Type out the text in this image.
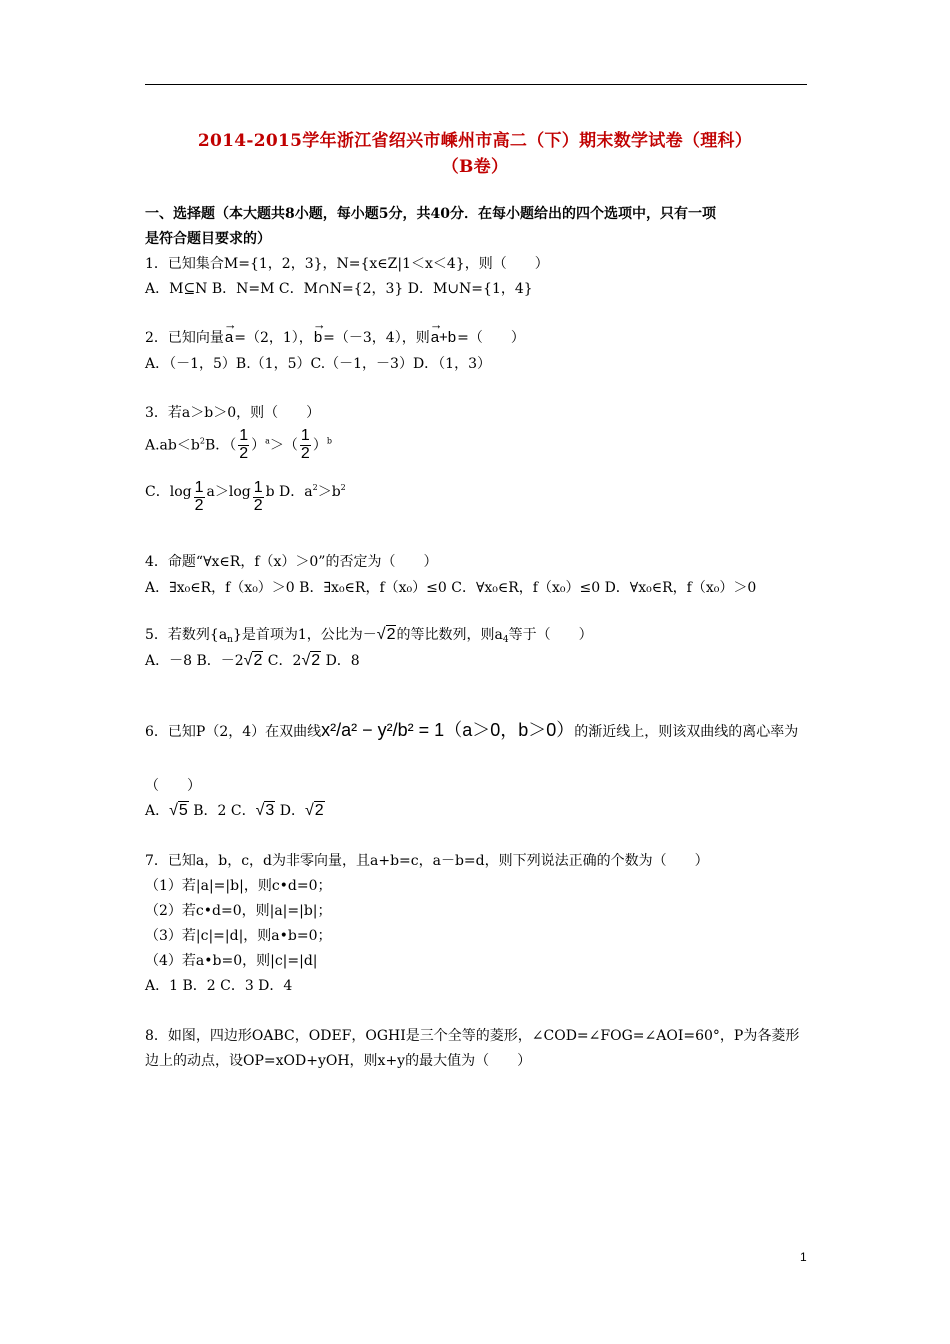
2014-2015学年浙江省绍兴市嵊州市高二（下）期末数学试卷（理科）
（B卷）
一、选择题（本大题共8小题，每小题5分，共40分．在每小题给出的四个选项中，只有一项
是符合题目要求的）
1．已知集合M={1，2，3}，N={x∈Z|1＜x＜4}，则（　　）
A．M⊆N B．N=M C．M∩N={2，3} D．M∪N={1，4}
2．已知向量→ a=（2，1），→ b=（－3，4），则→ a+b=（　　）
A．（－1，5）B.（1，5）C.（－1，－3）D．（1，3）
3．若a＞b＞0，则（　　）
$A.ab<b^2B$．（ $\frac{1}{2} )^a>( \frac{1}{2} )^b$
C．$\log \frac{1}{2} a>\log \frac{1}{2}$ b D．$a^2>b^2$
4．命题“∀x∈R，f（x）＞0”的否定为（　　）
A．∃x₀∈R，f（x₀）＞0 B．∃x₀∈R，f（x₀）≤0 C．∀x₀∈R，f（x₀）≤0 D．∀x₀∈R，f（x₀）＞0
5．若数列$\{a_n\}$是首项为1，公比为－√2的等比数列，则$a_4$等于（　　）
A．－8 B．－2√2 C．2√2 D．8
6．已知P（2，4）在双曲线x²/a² − y²/b² = 1（a＞0，b＞0）的渐近线上，则该双曲线的离心率为
（　　）
A．√5 B．2 C．√3 D．√2
7．已知a，b，c，d为非零向量，且a+b=c，a－b=d，则下列说法正确的个数为（　　）
（1）若|a|=|b|，则c•d=0；
（2）若c•d=0，则|a|=|b|；
（3）若|c|=|d|，则a•b=0；
（4）若a•b=0，则|c|=|d|
A．1 B．2 C．3 D．4
8．如图，四边形OABC，ODEF，OGHI是三个全等的菱形，∠COD=∠FOG=∠AOI=60°，P为各菱形
边上的动点，设OP=xOD+yOH，则x+y的最大值为（　　）
1
